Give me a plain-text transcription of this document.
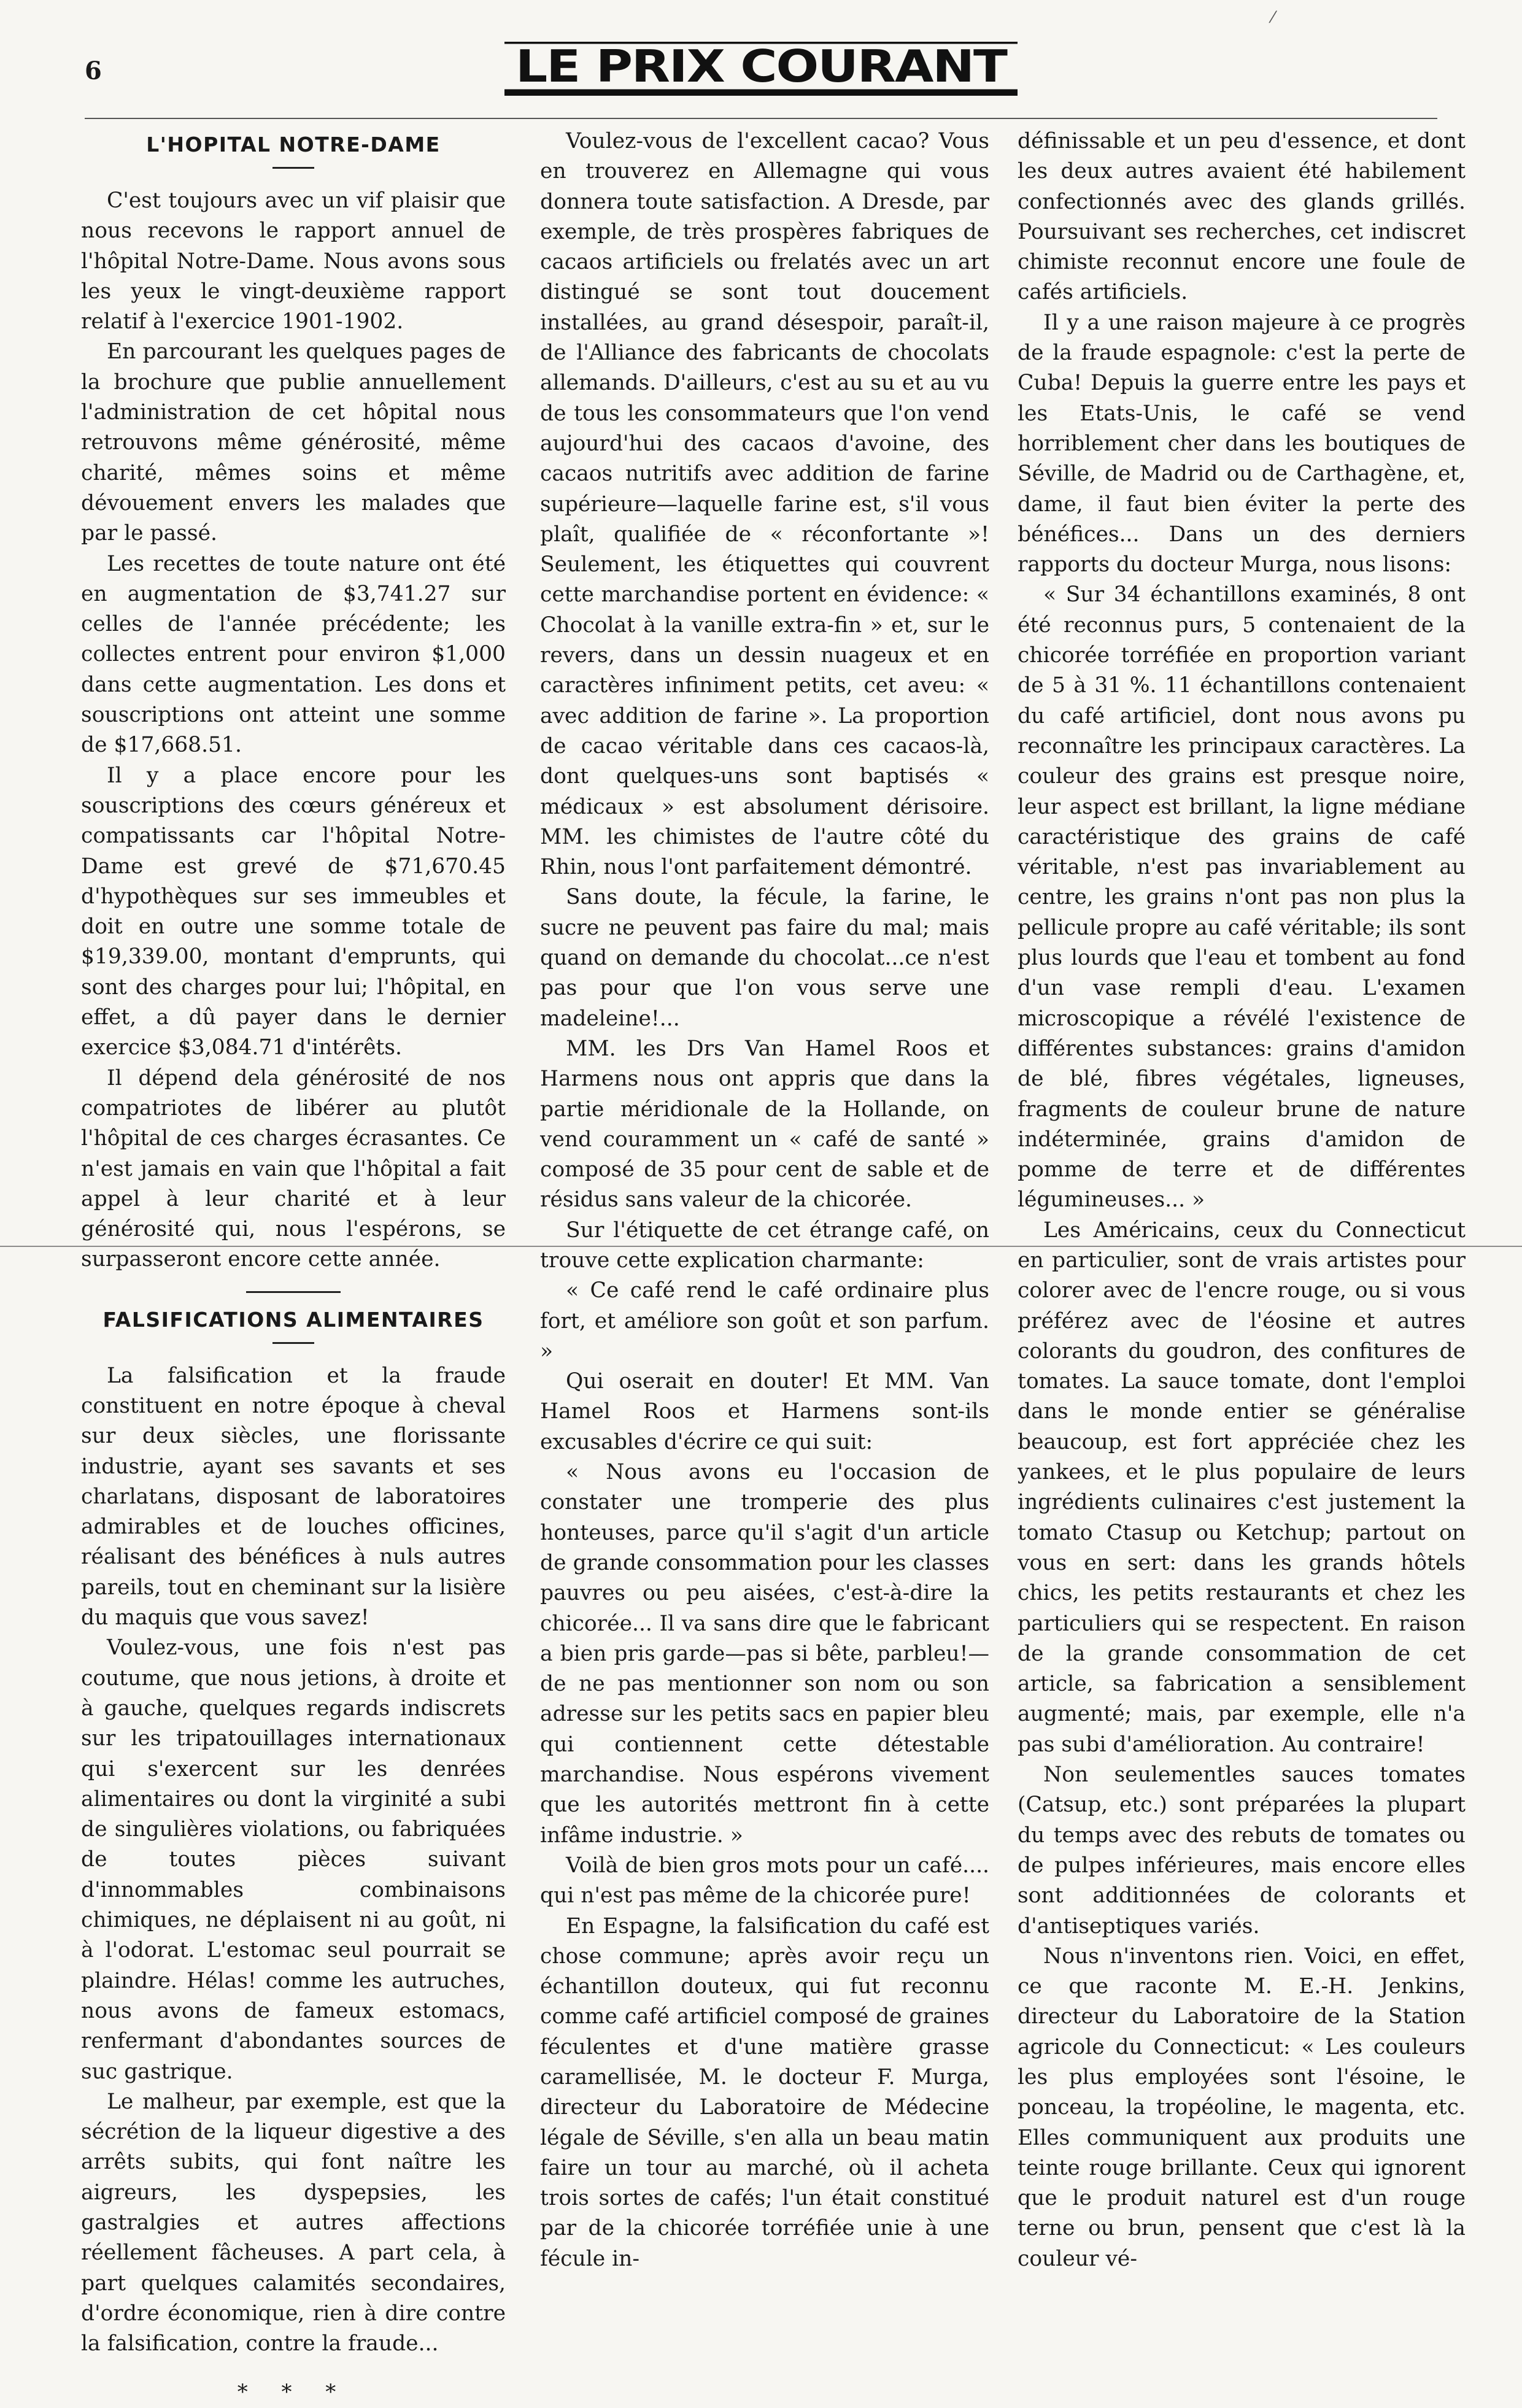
⁄
6	LE PRIX COURANT
L'HOPITAL NOTRE-DAME

C'est toujours avec un vif plaisir que nous recevons le rapport annuel de l'hôpital Notre-Dame. Nous avons sous les yeux le vingt-deuxième rapport relatif à l'exercice 1901-1902.

En parcourant les quelques pages de la brochure que publie annuellement l'administration de cet hôpital nous retrouvons même générosité, même charité, mêmes soins et même dévouement envers les malades que par le passé.

Les recettes de toute nature ont été en augmentation de $3,741.27 sur celles de l'année précédente; les collectes entrent pour environ $1,000 dans cette augmentation. Les dons et souscriptions ont atteint une somme de $17,668.51.

Il y a place encore pour les souscriptions des cœurs généreux et compatissants car l'hôpital Notre-Dame est grevé de $71,670.45 d'hypothèques sur ses immeubles et doit en outre une somme totale de $19,339.00, montant d'emprunts, qui sont des charges pour lui; l'hôpital, en effet, a dû payer dans le dernier exercice $3,084.71 d'intérêts.

Il dépend dela générosité de nos compatriotes de libérer au plutôt l'hôpital de ces charges écrasantes. Ce n'est jamais en vain que l'hôpital a fait appel à leur charité et à leur générosité qui, nous l'espérons, se surpasseront encore cette année.

FALSIFICATIONS ALIMENTAIRES

La falsification et la fraude constituent en notre époque à cheval sur deux siècles, une florissante industrie, ayant ses savants et ses charlatans, disposant de laboratoires admirables et de louches officines, réalisant des bénéfices à nuls autres pareils, tout en cheminant sur la lisière du maquis que vous savez!

Voulez-vous, une fois n'est pas coutume, que nous jetions, à droite et à gauche, quelques regards indiscrets sur les tripatouillages internationaux qui s'exercent sur les denrées alimentaires ou dont la virginité a subi de singulières violations, ou fabriquées de toutes pièces suivant d'innommables combinaisons chimiques, ne déplaisent ni au goût, ni à l'odorat. L'estomac seul pourrait se plaindre. Hélas! comme les autruches, nous avons de fameux estomacs, renfermant d'abondantes sources de suc gastrique.

Le malheur, par exemple, est que la sécrétion de la liqueur digestive a des arrêts subits, qui font naître les aigreurs, les dyspepsies, les gastralgies et autres affections réellement fâcheuses. A part cela, à part quelques calamités secondaires, d'ordre économique, rien à dire contre la falsification, contre la fraude...

* * *

Voulez-vous de l'excellent cacao? Vous en trouverez en Allemagne qui vous donnera toute satisfaction. A Dresde, par exemple, de très prospères fabriques de cacaos artificiels ou frelatés avec un art distingué se sont tout doucement installées, au grand désespoir, paraît-il, de l'Alliance des fabricants de chocolats allemands. D'ailleurs, c'est au su et au vu de tous les consommateurs que l'on vend aujourd'hui des cacaos d'avoine, des cacaos nutritifs avec addition de farine supérieure—laquelle farine est, s'il vous plaît, qualifiée de « réconfortante »! Seulement, les étiquettes qui couvrent cette marchandise portent en évidence: « Chocolat à la vanille extra-fin » et, sur le revers, dans un dessin nuageux et en caractères infiniment petits, cet aveu: « avec addition de farine ». La proportion de cacao véritable dans ces cacaos-là, dont quelques-uns sont baptisés « médicaux » est absolument dérisoire. MM. les chimistes de l'autre côté du Rhin, nous l'ont parfaitement démontré.

Sans doute, la fécule, la farine, le sucre ne peuvent pas faire du mal; mais quand on demande du chocolat...ce n'est pas pour que l'on vous serve une madeleine!...

MM. les Drs Van Hamel Roos et Harmens nous ont appris que dans la partie méridionale de la Hollande, on vend couramment un « café de santé » composé de 35 pour cent de sable et de résidus sans valeur de la chicorée.

Sur l'étiquette de cet étrange café, on trouve cette explication charmante:

« Ce café rend le café ordinaire plus fort, et améliore son goût et son parfum. »

Qui oserait en douter! Et MM. Van Hamel Roos et Harmens sont-ils excusables d'écrire ce qui suit:

« Nous avons eu l'occasion de constater une tromperie des plus honteuses, parce qu'il s'agit d'un article de grande consommation pour les classes pauvres ou peu aisées, c'est-à-dire la chicorée... Il va sans dire que le fabricant a bien pris garde—pas si bête, parbleu!—de ne pas mentionner son nom ou son adresse sur les petits sacs en papier bleu qui contiennent cette détestable marchandise. Nous espérons vivement que les autorités mettront fin à cette infâme industrie. »

Voilà de bien gros mots pour un café.... qui n'est pas même de la chicorée pure!

En Espagne, la falsification du café est chose commune; après avoir reçu un échantillon douteux, qui fut reconnu comme café artificiel composé de graines féculentes et d'une matière grasse caramellisée, M. le docteur F. Murga, directeur du Laboratoire de Médecine légale de Séville, s'en alla un beau matin faire un tour au marché, où il acheta trois sortes de cafés; l'un était constitué par de la chicorée torréfiée unie à une fécule in-

définissable et un peu d'essence, et dont les deux autres avaient été habilement confectionnés avec des glands grillés. Poursuivant ses recherches, cet indiscret chimiste reconnut encore une foule de cafés artificiels.

Il y a une raison majeure à ce progrès de la fraude espagnole: c'est la perte de Cuba! Depuis la guerre entre les pays et les Etats-Unis, le café se vend horriblement cher dans les boutiques de Séville, de Madrid ou de Carthagène, et, dame, il faut bien éviter la perte des bénéfices... Dans un des derniers rapports du docteur Murga, nous lisons:

« Sur 34 échantillons examinés, 8 ont été reconnus purs, 5 contenaient de la chicorée torréfiée en proportion variant de 5 à 31 %. 11 échantillons contenaient du café artificiel, dont nous avons pu reconnaître les principaux caractères. La couleur des grains est presque noire, leur aspect est brillant, la ligne médiane caractéristique des grains de café véritable, n'est pas invariablement au centre, les grains n'ont pas non plus la pellicule propre au café véritable; ils sont plus lourds que l'eau et tombent au fond d'un vase rempli d'eau. L'examen microscopique a révélé l'existence de différentes substances: grains d'amidon de blé, fibres végétales, ligneuses, fragments de couleur brune de nature indéterminée, grains d'amidon de pomme de terre et de différentes légumineuses... »

Les Américains, ceux du Connecticut en particulier, sont de vrais artistes pour colorer avec de l'encre rouge, ou si vous préférez avec de l'éosine et autres colorants du goudron, des confitures de tomates. La sauce tomate, dont l'emploi dans le monde entier se généralise beaucoup, est fort appréciée chez les yankees, et le plus populaire de leurs ingrédients culinaires c'est justement la tomato Ctasup ou Ketchup; partout on vous en sert: dans les grands hôtels chics, les petits restaurants et chez les particuliers qui se respectent. En raison de la grande consommation de cet article, sa fabrication a sensiblement augmenté; mais, par exemple, elle n'a pas subi d'amélioration. Au contraire!

Non seulementles sauces tomates (Catsup, etc.) sont préparées la plupart du temps avec des rebuts de tomates ou de pulpes inférieures, mais encore elles sont additionnées de colorants et d'antiseptiques variés.

Nous n'inventons rien. Voici, en effet, ce que raconte M. E.-H. Jenkins, directeur du Laboratoire de la Station agricole du Connecticut: « Les couleurs les plus employées sont l'ésoine, le ponceau, la tropéoline, le magenta, etc. Elles communiquent aux produits une teinte rouge brillante. Ceux qui ignorent que le produit naturel est d'un rouge terne ou brun, pensent que c'est là la couleur vé-
